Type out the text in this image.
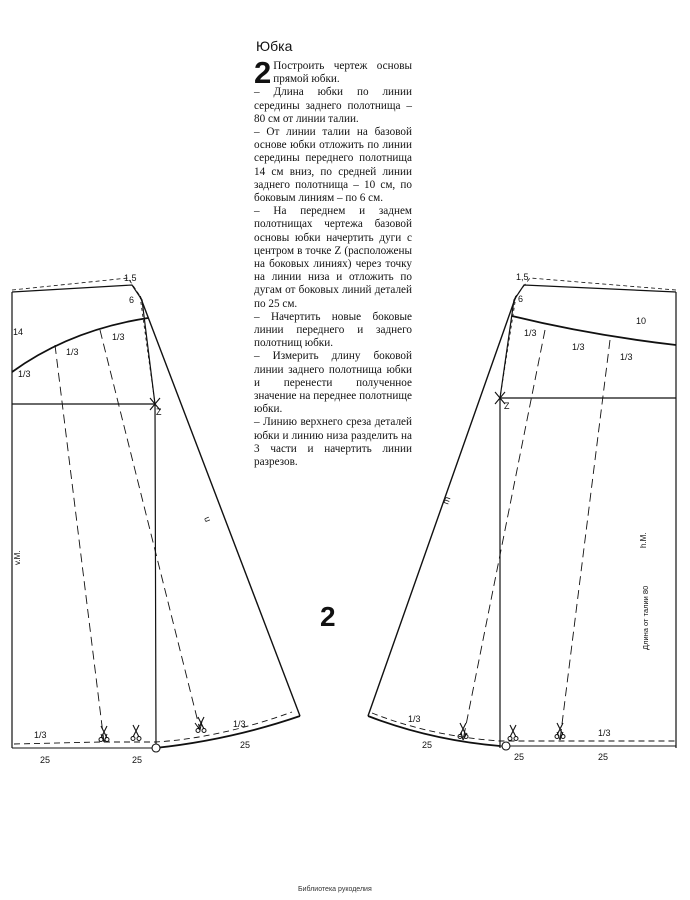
1,5
6
14
1/3
1/3
1/3
Z
u
v.M.
1/3
1/3
25	25
25
1,5
6
10
1/3
1/3
1/3
Z
m
h.M.
Длина от талии 80
1/3
1/3
25
25	25
Юбка
2 Построить чертеж основы прямой юбки.

– Длина юбки по линии середины заднего полотнища – 80 см от линии талии.

– От линии талии на базовой основе юбки отложить по линии середины переднего полотнища 14 см вниз, по средней линии заднего полотнища – 10 см, по боковым линиям – по 6 см.

– На переднем и заднем полотнищах чертежа базовой основы юбки начертить дуги с центром в точке Z (расположены на боковых линиях) через точку на линии низа и отложить по дугам от боковых линий деталей по 25 см.

– Начертить новые боковые линии переднего и заднего полотнищ юбки.

– Измерить длину боковой линии заднего полотнища юбки и перенести полученное значение на переднее полотнище юбки.

– Линию верхнего среза деталей юбки и линию низа разделить на 3 части и начертить линии разрезов.

2
Библиотека рукоделия
